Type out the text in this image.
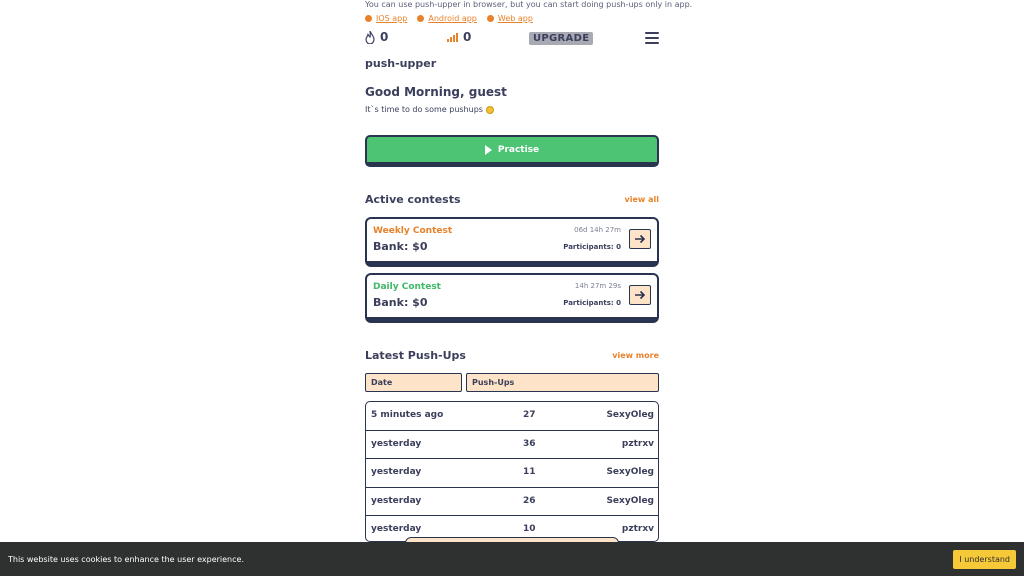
You can use push-upper in browser, but you can start doing push-ups only in app.
IOS app	Android app	Web app
0	0	UPGRADE
push-upper
Good Morning, guest
It`s time to do some pushups
Practise
Active contests	view all
Weekly Contest
Bank: $0
06d 14h 27m
Participants: 0
Daily Contest
Bank: $0
14h 27m 29s
Participants: 0
Latest Push-Ups	view more
Date	Push-Ups
5 minutes ago	27	SexyOleg
yesterday	36	pztrxv
yesterday	11	SexyOleg
yesterday	26	SexyOleg
yesterday	10	pztrxv
This website uses cookies to enhance the user experience.	I understand
